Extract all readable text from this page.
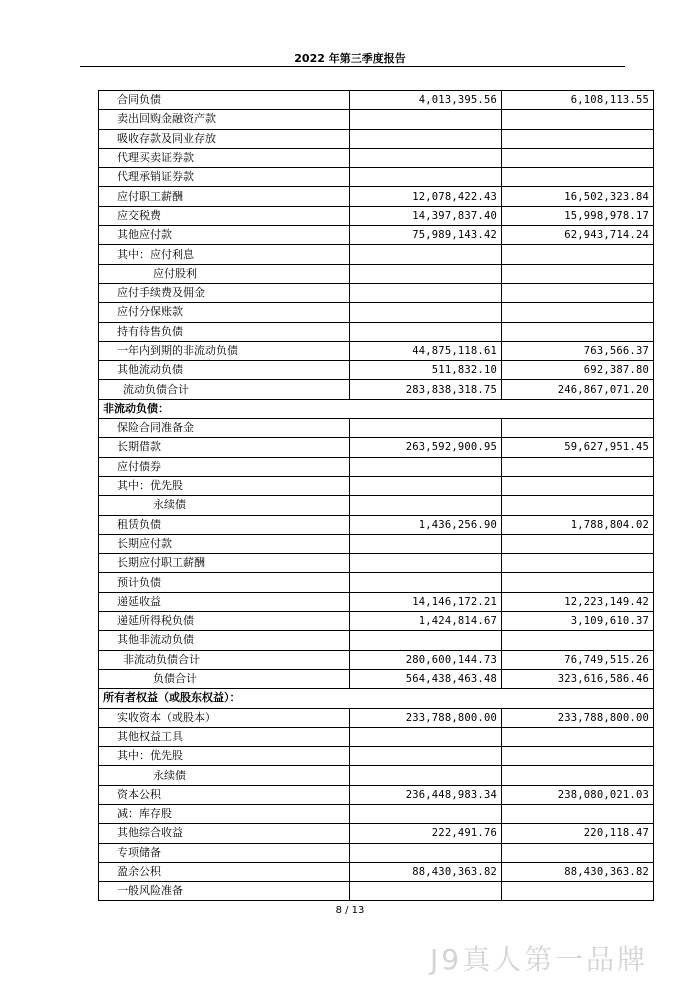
2022 年第三季度报告
合同负债	4,013,395.56	6,108,113.55
卖出回购金融资产款		
吸收存款及同业存放		
代理买卖证券款		
代理承销证券款		
应付职工薪酬	12,078,422.43	16,502,323.84
应交税费	14,397,837.40	15,998,978.17
其他应付款	75,989,143.42	62,943,714.24
其中：应付利息		
应付股利		
应付手续费及佣金		
应付分保账款		
持有待售负债		
一年内到期的非流动负债	44,875,118.61	763,566.37
其他流动负债	511,832.10	692,387.80
流动负债合计	283,838,318.75	246,867,071.20
非流动负债：		
保险合同准备金		
长期借款	263,592,900.95	59,627,951.45
应付债券		
其中：优先股		
永续债		
租赁负债	1,436,256.90	1,788,804.02
长期应付款		
长期应付职工薪酬		
预计负债		
递延收益	14,146,172.21	12,223,149.42
递延所得税负债	1,424,814.67	3,109,610.37
其他非流动负债		
非流动负债合计	280,600,144.73	76,749,515.26
负债合计	564,438,463.48	323,616,586.46
所有者权益（或股东权益）：		
实收资本（或股本）	233,788,800.00	233,788,800.00
其他权益工具		
其中：优先股		
永续债		
资本公积	236,448,983.34	238,080,021.03
减：库存股		
其他综合收益	222,491.76	220,118.47
专项储备		
盈余公积	88,430,363.82	88,430,363.82
一般风险准备		
8 / 13
J9真人第一品牌
